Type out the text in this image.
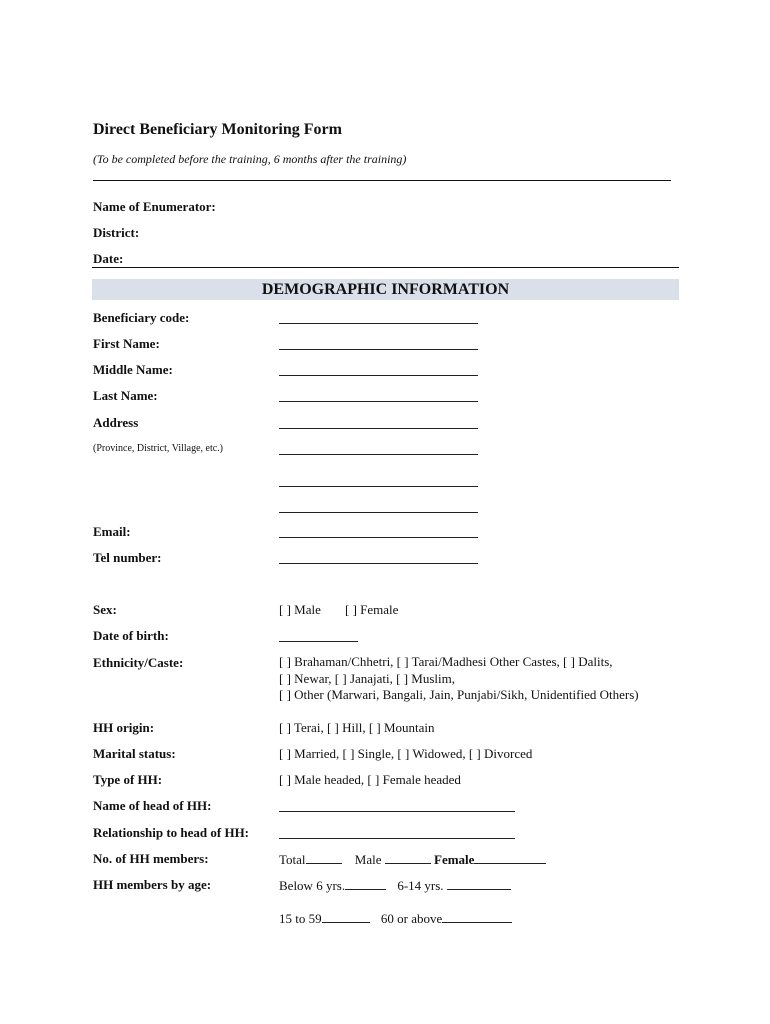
Direct Beneficiary Monitoring Form
(To be completed before the training, 6 months after the training)
Name of Enumerator:
District:
Date:
DEMOGRAPHIC INFORMATION
Beneficiary code:
First Name:
Middle Name:
Last Name:
Address
(Province, District, Village, etc.)
Email:
Tel number:
Sex:	[ ] Male [ ] Female
Date of birth:
Ethnicity/Caste:	[ ] Brahaman/Chhetri, [ ] Tarai/Madhesi Other Castes, [ ] Dalits,
[ ] Newar, [ ] Janajati, [ ] Muslim,
[ ] Other (Marwari, Bangali, Jain, Punjabi/Sikh, Unidentified Others)
HH origin:	[ ] Terai, [ ] Hill, [ ] Mountain
Marital status:	[ ] Married, [ ] Single, [ ] Widowed, [ ] Divorced
Type of HH:	[ ] Male headed, [ ] Female headed
Name of head of HH:
Relationship to head of HH:
No. of HH members:	Total	Male	Female
HH members by age:	Below 6 yrs.	6-14 yrs.
15 to 59	60 or above
